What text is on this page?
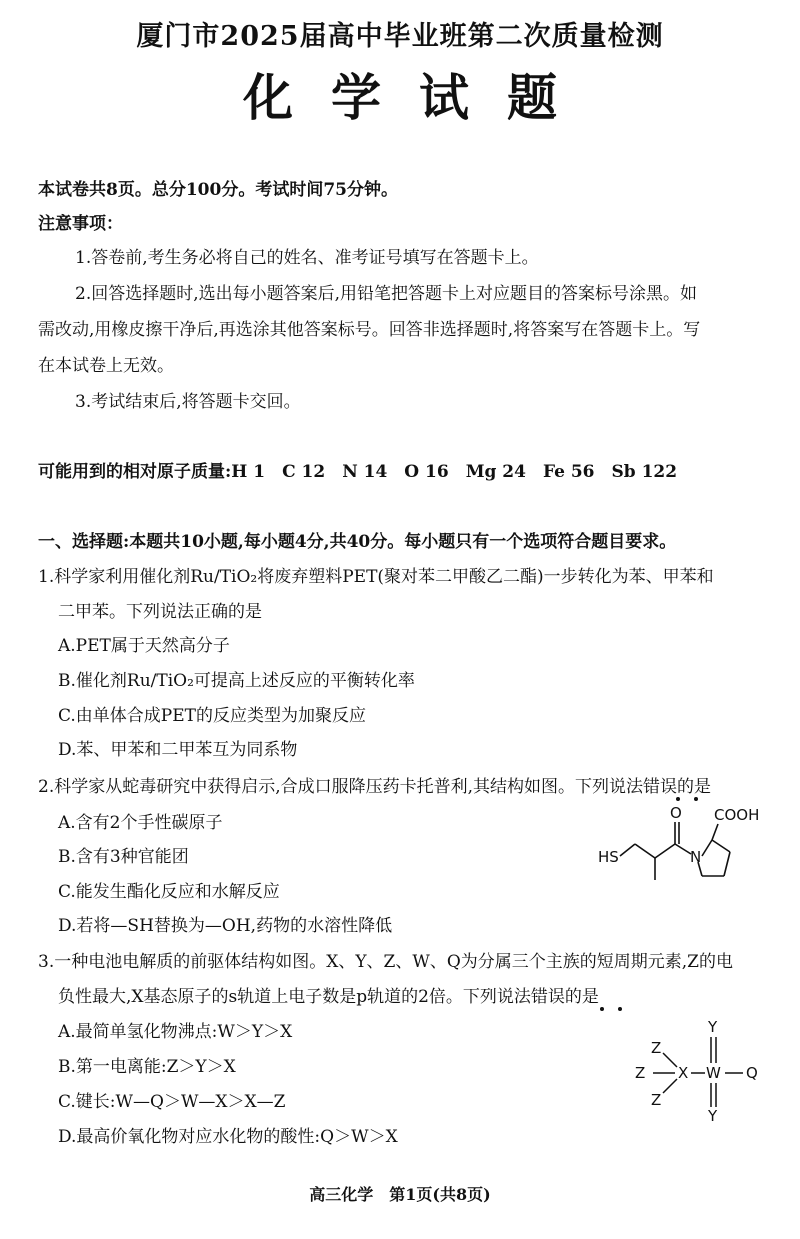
厦门市2025届高中毕业班第二次质量检测
化学试题
本试卷共8页。总分100分。考试时间75分钟。
注意事项：
1.答卷前,考生务必将自己的姓名、准考证号填写在答题卡上。
2.回答选择题时,选出每小题答案后,用铅笔把答题卡上对应题目的答案标号涂黑。如
需改动,用橡皮擦干净后,再选涂其他答案标号。回答非选择题时,将答案写在答题卡上。写
在本试卷上无效。
3.考试结束后,将答题卡交回。
可能用到的相对原子质量:H 1　C 12　N 14　O 16　Mg 24　Fe 56　Sb 122
一、选择题:本题共10小题,每小题4分,共40分。每小题只有一个选项符合题目要求。
1.科学家利用催化剂Ru/TiO₂将废弃塑料PET(聚对苯二甲酸乙二酯)一步转化为苯、甲苯和
二甲苯。下列说法正确的是
A.PET属于天然高分子
B.催化剂Ru/TiO₂可提高上述反应的平衡转化率
C.由单体合成PET的反应类型为加聚反应
D.苯、甲苯和二甲苯互为同系物
2.科学家从蛇毒研究中获得启示,合成口服降压药卡托普利,其结构如图。下列说法错误的是
A.含有2个手性碳原子
B.含有3种官能团
C.能发生酯化反应和水解反应
D.若将—SH替换为—OH,药物的水溶性降低
HS
O
N
COOH
3.一种电池电解质的前驱体结构如图。X、Y、Z、W、Q为分属三个主族的短周期元素,Z的电
负性最大,X基态原子的s轨道上电子数是p轨道的2倍。下列说法错误的是
A.最简单氢化物沸点:W＞Y＞X
B.第一电离能:Z＞Y＞X
C.键长:W—Q＞W—X＞X—Z
D.最高价氧化物对应水化物的酸性:Q＞W＞X
Y
Z
Z
Z
X W Q
Y
高三化学　第1页(共8页)
